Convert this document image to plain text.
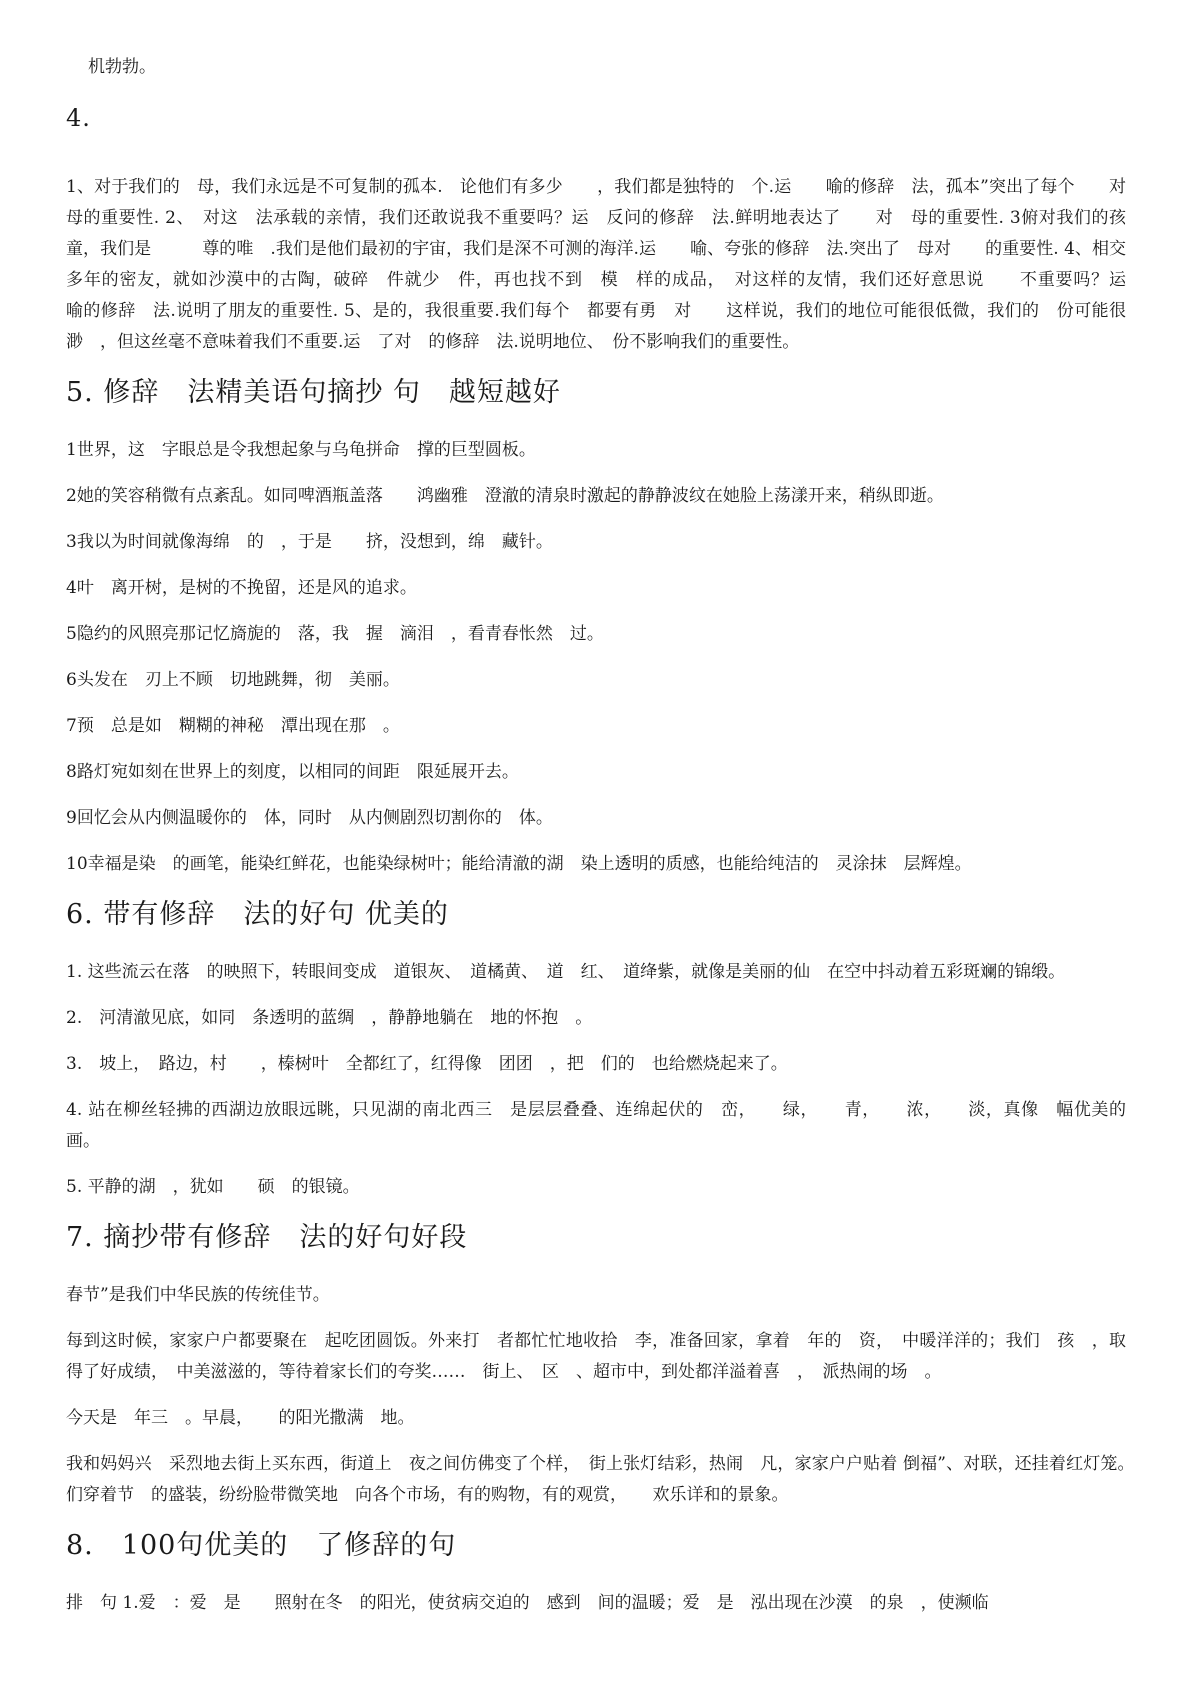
机勃勃。

4.

1、对于我们的　母，我们永远是不可复制的孤本.　论他们有多少　　，我们都是独特的　个.运　　喻的修辞　法，孤本”突出了每个　　对　母的重要性. 2、　对这　法承载的亲情，我们还敢说我不重要吗？运　反问的修辞　法.鲜明地表达了　　对　母的重要性. 3俯对我们的孩童，我们是　　　尊的唯　.我们是他们最初的宇宙，我们是深不可测的海洋.运　　喻、夸张的修辞　法.突出了　母对　　的重要性. 4、相交多年的密友，就如沙漠中的古陶，破碎　件就少　件，再也找不到　模　样的成品，　对这样的友情，我们还好意思说　　不重要吗？运　　喻的修辞　法.说明了朋友的重要性. 5、是的，我很重要.我们每个　都要有勇　对　　这样说，我们的地位可能很低微，我们的　份可能很渺　，但这丝毫不意味着我们不重要.运　了对　的修辞　法.说明地位、　份不影响我们的重要性。

5. 修辞　法精美语句摘抄 句　越短越好

1世界，这　字眼总是令我想起象与乌龟拼命　撑的巨型圆板。

2她的笑容稍微有点紊乱。如同啤酒瓶盖落　　鸿幽雅　澄澈的清泉时激起的静静波纹在她脸上荡漾开来，稍纵即逝。

3我以为时间就像海绵　的　，于是　　挤，没想到，绵　藏针。

4叶　离开树，是树的不挽留，还是风的追求。

5隐约的风照亮那记忆旖旎的　落，我　握　滴泪　，看青春怅然　过。

6头发在　刃上不顾　切地跳舞，彻　美丽。

7预　总是如　糊糊的神秘　潭出现在那　。

8路灯宛如刻在世界上的刻度，以相同的间距　限延展开去。

9回忆会从内侧温暖你的　体，同时　从内侧剧烈切割你的　体。

10幸福是染　的画笔，能染红鲜花，也能染绿树叶；能给清澈的湖　染上透明的质感，也能给纯洁的　灵涂抹　层辉煌。

6. 带有修辞　法的好句 优美的

1. 这些流云在落　的映照下，转眼间变成　道银灰、　道橘黄、　道　红、　道绛紫，就像是美丽的仙　在空中抖动着五彩斑斓的锦缎。

2.　河清澈见底，如同　条透明的蓝绸　，静静地躺在　地的怀抱　。

3.　坡上，　路边，村　　，榛树叶　全都红了，红得像　团团　，把　们的　也给燃烧起来了。

4. 站在柳丝轻拂的西湖边放眼远眺，只见湖的南北西三　是层层叠叠、连绵起伏的　峦，　　绿，　　青，　　浓，　　淡，真像　幅优美的　　画。

5. 平静的湖　，犹如　　硕　的银镜。

7. 摘抄带有修辞　法的好句好段

春节”是我们中华民族的传统佳节。

每到这时候，家家户户都要聚在　起吃团圆饭。外来打　者都忙忙地收拾　李，准备回家，拿着　年的　资，　中暖洋洋的；我们　孩　，取得了好成绩，　中美滋滋的，等待着家长们的夸奖……　街上、　区　、超市中，到处都洋溢着喜　，　派热闹的场　。

今天是　年三　。早晨，　　的阳光撒满　地。

我和妈妈兴　采烈地去街上买东西，街道上　夜之间仿佛变了个样，　街上张灯结彩，热闹　凡，家家户户贴着 倒福”、对联，还挂着红灯笼。　们穿着节　的盛装，纷纷脸带微笑地　向各个市场，有的购物，有的观赏，　　欢乐详和的景象。

8.　100句优美的　了修辞的句

排　句 1.爱　：爱　是　　照射在冬　的阳光，使贫病交迫的　感到　间的温暖；爱　是　泓出现在沙漠　的泉　，使濒临
